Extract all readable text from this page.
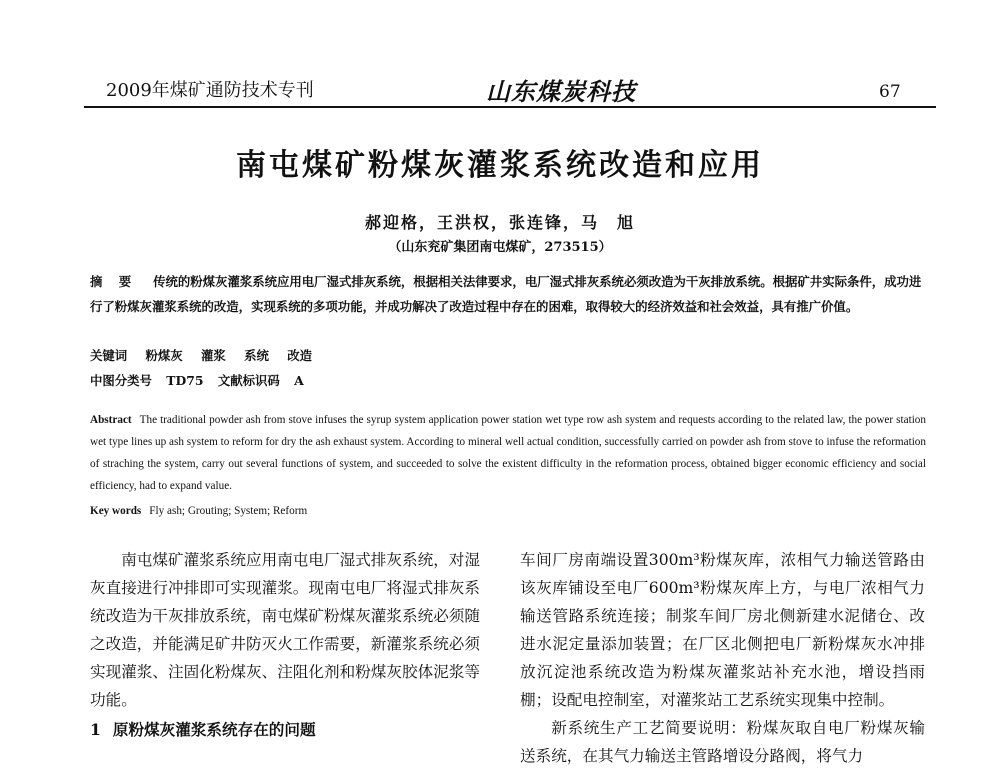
2009年煤矿通防技术专刊	山东煤炭科技	67
南屯煤矿粉煤灰灌浆系统改造和应用
郝迎格，王洪权，张连锋，马　旭
（山东兖矿集团南屯煤矿，273515）
摘 要 传统的粉煤灰灌浆系统应用电厂湿式排灰系统，根据相关法律要求，电厂湿式排灰系统必须改造为干灰排放系统。根据矿井实际条件，成功进行了粉煤灰灌浆系统的改造，实现系统的多项功能，并成功解决了改造过程中存在的困难，取得较大的经济效益和社会效益，具有推广价值。
关键词 粉煤灰 灌浆 系统 改造
中图分类号 TD75 文献标识码 A
Abstract The traditional powder ash from stove infuses the syrup system application power station wet type row ash system and requests according to the related law, the power station wet type lines up ash system to reform for dry the ash exhaust system. According to mineral well actual condition, successfully carried on powder ash from stove to infuse the reformation of straching the system, carry out several functions of system, and succeeded to solve the existent difficulty in the reformation process, obtained bigger economic efficiency and social efficiency, had to expand value.
Key words Fly ash; Grouting; System; Reform

南屯煤矿灌浆系统应用南屯电厂湿式排灰系统，对湿灰直接进行冲排即可实现灌浆。现南屯电厂将湿式排灰系统改造为干灰排放系统，南屯煤矿粉煤灰灌浆系统必须随之改造，并能满足矿井防灭火工作需要，新灌浆系统必须实现灌浆、注固化粉煤灰、注阻化剂和粉煤灰胶体泥浆等功能。

1 原粉煤灰灌浆系统存在的问题

车间厂房南端设置300m³粉煤灰库，浓相气力输送管路由该灰库铺设至电厂600m³粉煤灰库上方，与电厂浓相气力输送管路系统连接；制浆车间厂房北侧新建水泥储仓、改进水泥定量添加装置；在厂区北侧把电厂新粉煤灰水冲排放沉淀池系统改造为粉煤灰灌浆站补充水池，增设挡雨棚；设配电控制室，对灌浆站工艺系统实现集中控制。

新系统生产工艺简要说明：粉煤灰取自电厂粉煤灰输送系统，在其气力输送主管路增设分路阀，将气力
